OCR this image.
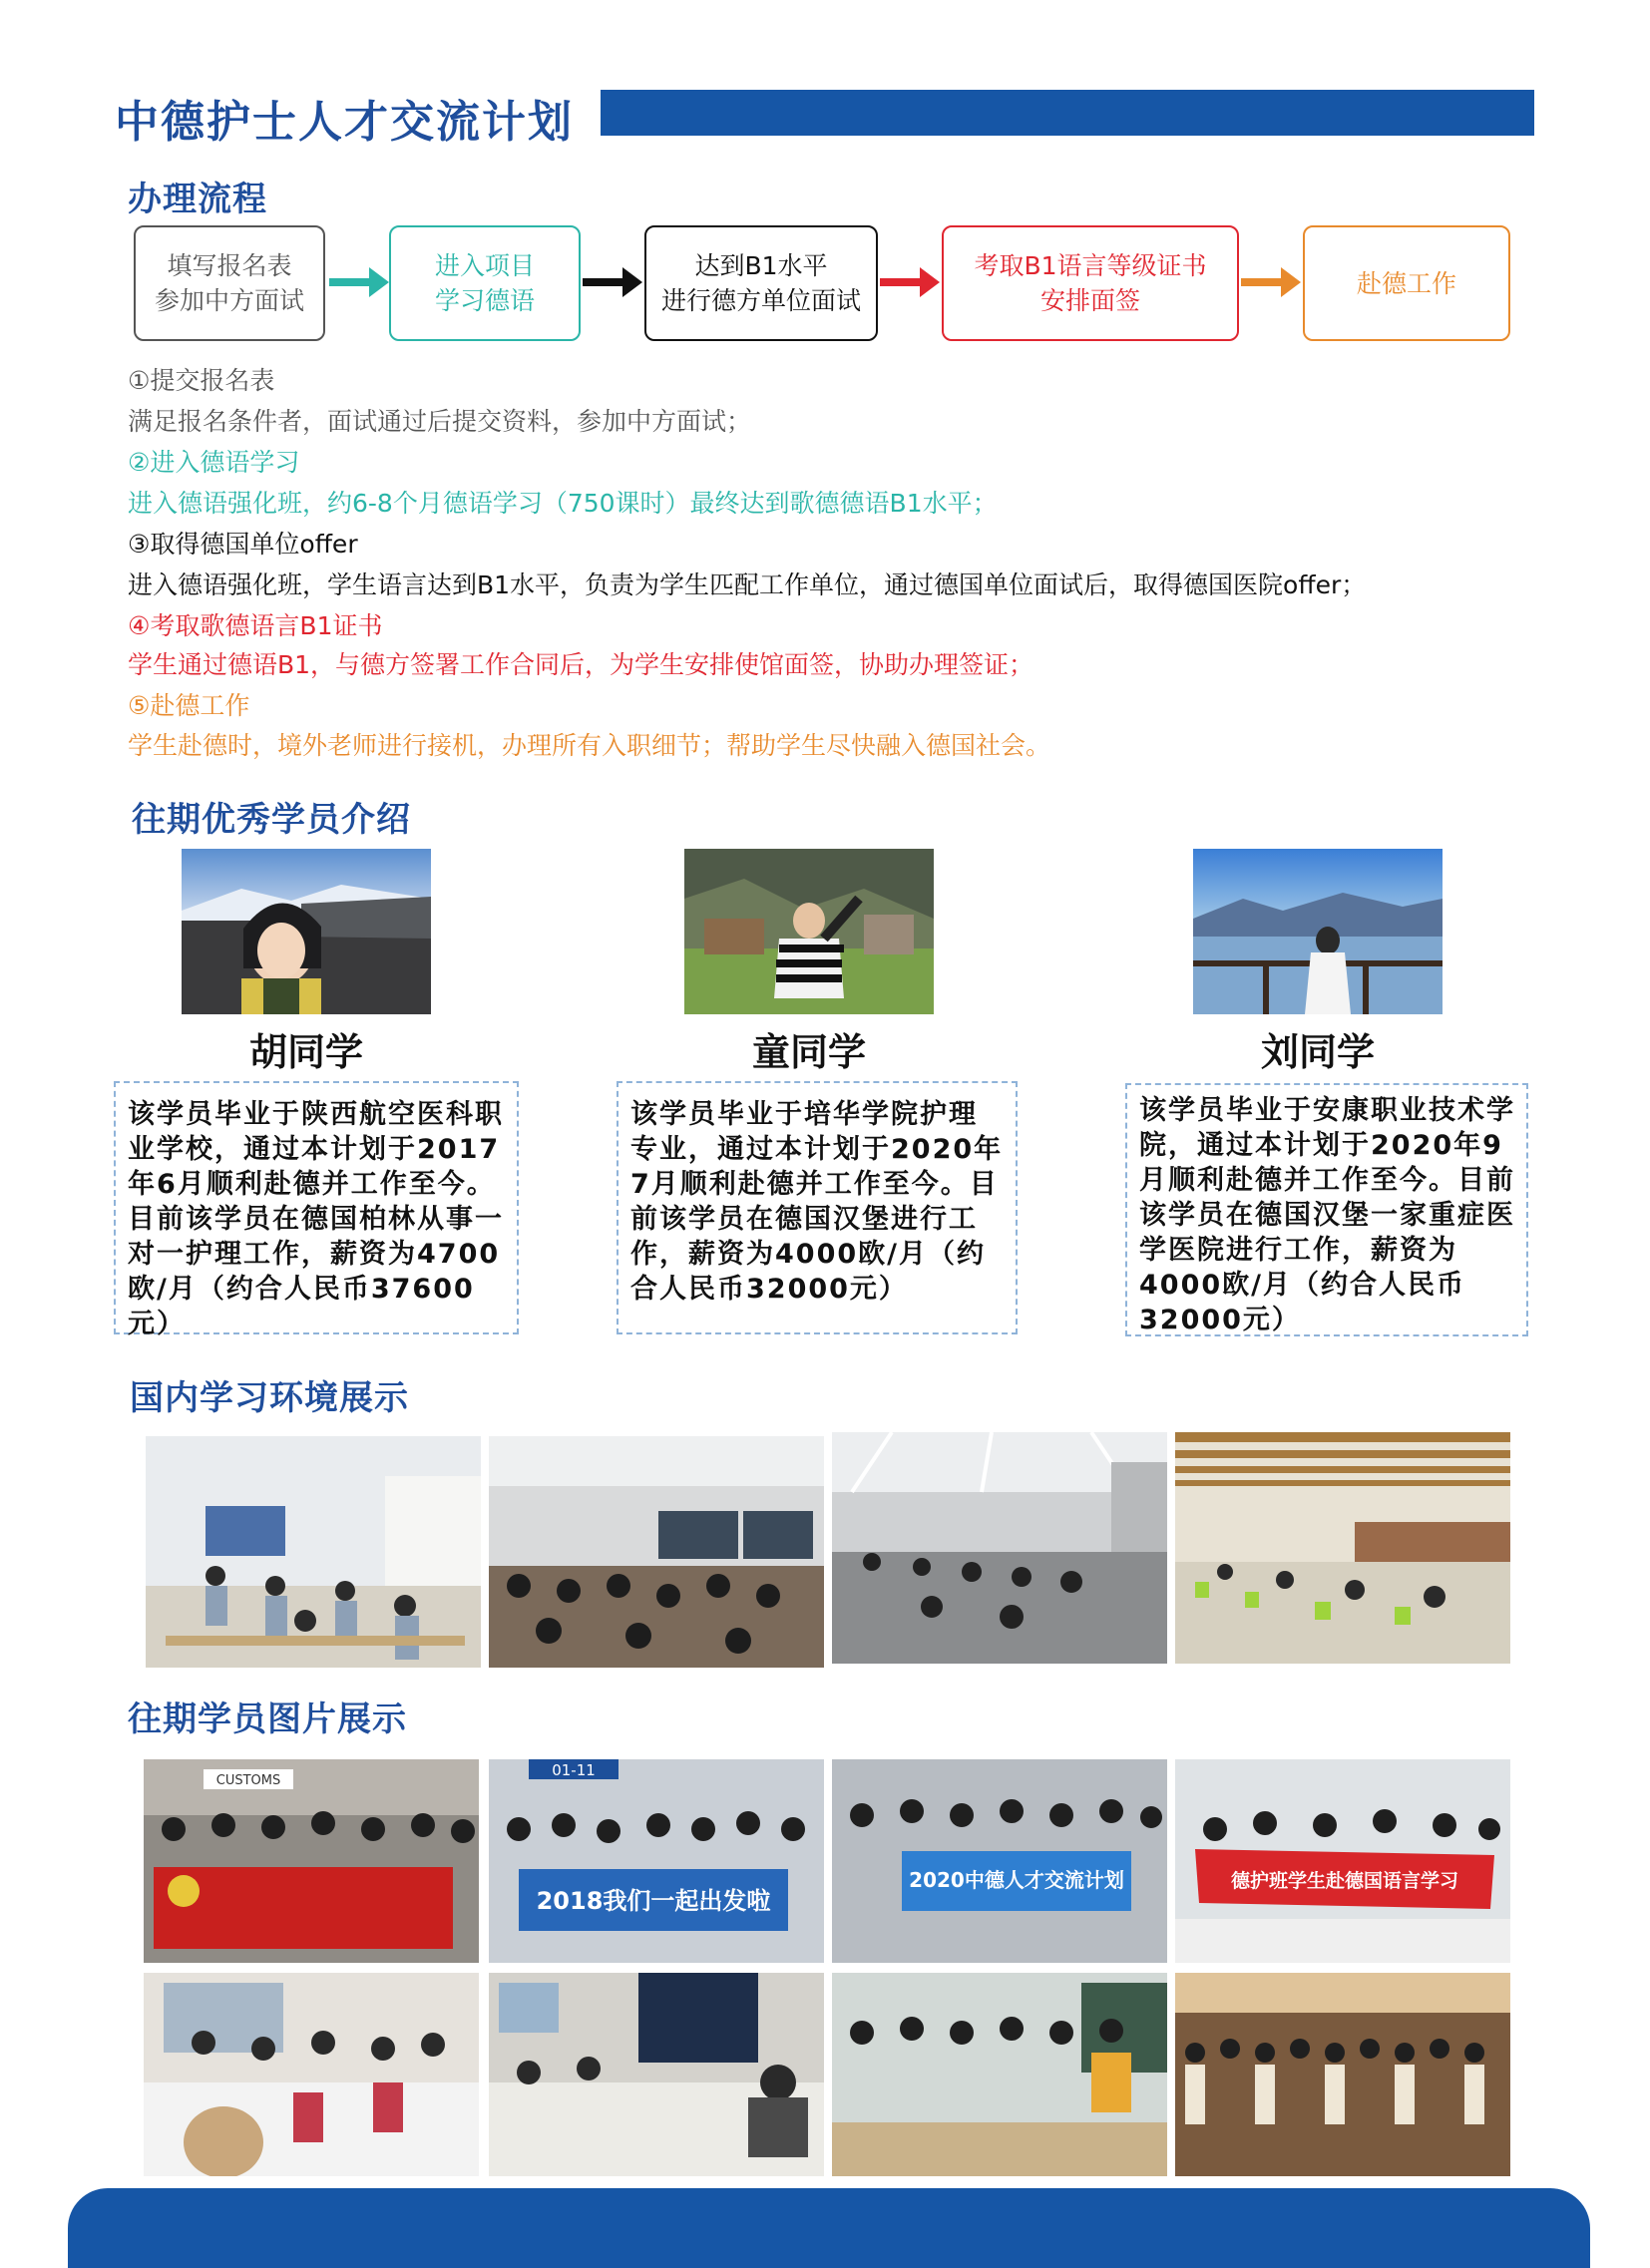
中德护士人才交流计划
办理流程
填写报名表
参加中方面试
进入项目
学习德语
达到B1水平
进行德方单位面试
考取B1语言等级证书
安排面签
赴德工作
①提交报名表
满足报名条件者，面试通过后提交资料，参加中方面试；
②进入德语学习
进入德语强化班，约6-8个月德语学习（750课时）最终达到歌德德语B1水平；
③取得德国单位offer
进入德语强化班，学生语言达到B1水平，负责为学生匹配工作单位，通过德国单位面试后，取得德国医院offer；
④考取歌德语言B1证书
学生通过德语B1，与德方签署工作合同后，为学生安排使馆面签，协助办理签证；
⑤赴德工作
学生赴德时，境外老师进行接机，办理所有入职细节；帮助学生尽快融入德国社会。
往期优秀学员介绍
胡同学	童同学	刘同学
该学员毕业于陕西航空医科职业学校，通过本计划于2017年6月顺利赴德并工作至今。目前该学员在德国柏林从事一对一护理工作，薪资为4700欧/月（约合人民币37600元）
该学员毕业于培华学院护理专业，通过本计划于2020年7月顺利赴德并工作至今。目前该学员在德国汉堡进行工作，薪资为4000欧/月（约合人民币32000元）
该学员毕业于安康职业技术学院，通过本计划于2020年9月顺利赴德并工作至今。目前该学员在德国汉堡一家重症医学医院进行工作，薪资为4000欧/月（约合人民币32000元）
国内学习环境展示
往期学员图片展示
CUSTOMS
01-11
2018我们一起出发啦
2020中德人才交流计划	德护班学生赴德国语言学习
